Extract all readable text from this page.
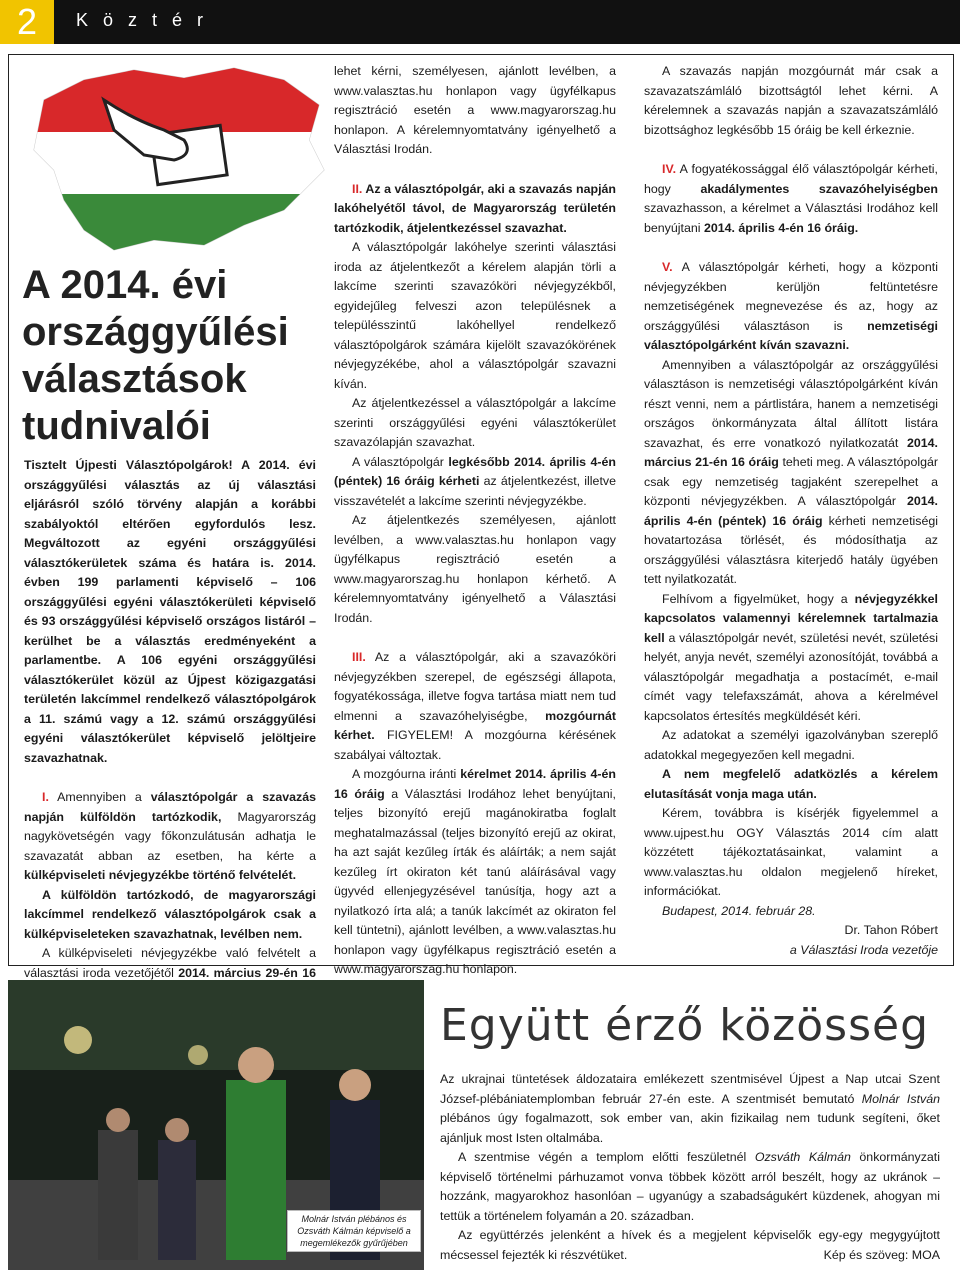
2	K ö z t é r
A 2014. évi
országgyűlési
választások
tudnivalói

Tisztelt Újpesti Választópolgárok! A 2014. évi országgyűlési választás az új választási eljárásról szóló törvény alapján a korábbi szabályoktól eltérően egyfordulós lesz. Megváltozott az egyéni országgyűlési választókerületek száma és határa is. 2014. évben 199 parlamenti képviselő – 106 országgyűlési egyéni választókerületi képviselő és 93 országgyűlési képviselő országos listáról – kerülhet be a választás eredményeként a parlamentbe. A 106 egyéni országgyűlési választókerület közül az Újpest közigazgatási területén lakcímmel rendelkező választópolgárok a 11. számú vagy a 12. számú országgyűlési egyéni választókerület képviselő jelöltjeire szavazhatnak.

I. Amennyiben a választópolgár a szavazás napján külföldön tartózkodik, Magyarország nagykövetségén vagy főkonzulátusán adhatja le szavazatát abban az esetben, ha kérte a külképviseleti névjegyzékbe történő felvételét.

A külföldön tartózkodó, de magyarországi lakcímmel rendelkező választópolgárok csak a külképviseleteken szavazhatnak, levélben nem.

A külképviseleti névjegyzékbe való felvételt a választási iroda vezetőjétől 2014. március 29-én 16

lehet kérni, személyesen, ajánlott levélben, a www.valasztas.hu honlapon vagy ügyfélkapus regisztráció esetén a www.magyarorszag.hu honlapon. A kérelemnyomtatvány igényelhető a Választási Irodán.

II. Az a választópolgár, aki a szavazás napján lakóhelyétől távol, de Magyarország területén tartózkodik, átjelentkezéssel szavazhat.

A választópolgár lakóhelye szerinti választási iroda az átjelentkezőt a kérelem alapján törli a lakcíme szerinti szavazóköri névjegyzékből, egyidejűleg felveszi azon településnek a településszintű lakóhellyel rendelkező választópolgárok számára kijelölt szavazókörének névjegyzékébe, ahol a választópolgár szavazni kíván.

Az átjelentkezéssel a választópolgár a lakcíme szerinti országgyűlési egyéni választókerület szavazólapján szavazhat.

A választópolgár legkésőbb 2014. április 4-én (péntek) 16 óráig kérheti az átjelentkezést, illetve visszavételét a lakcíme szerinti névjegyzékbe.

Az átjelentkezés személyesen, ajánlott levélben, a www.valasztas.hu honlapon vagy ügyfélkapus regisztráció esetén a www.magyarorszag.hu honlapon kérhető. A kérelemnyomtatvány igényelhető a Választási Irodán.

III. Az a választópolgár, aki a szavazóköri névjegyzékben szerepel, de egészségi állapota, fogyatékossága, illetve fogva tartása miatt nem tud elmenni a szavazóhelyiségbe, mozgóurnát kérhet. FIGYELEM! A mozgóurna kérésének szabályai változtak.

A mozgóurna iránti kérelmet 2014. április 4-én 16 óráig a Választási Irodához lehet benyújtani, teljes bizonyító erejű magánokiratba foglalt meghatalmazással (teljes bizonyító erejű az okirat, ha azt saját kezűleg írták és aláírták; a nem saját kezűleg írt okiraton két tanú aláírásával vagy ügyvéd ellenjegyzésével tanúsítja, hogy azt a nyilatkozó írta alá; a tanúk lakcímét az okiraton fel kell tüntetni), ajánlott levélben, a www.valasztas.hu honlapon vagy ügyfélkapus regisztráció esetén a www.magyarorszag.hu honlapon.

A szavazás napján mozgóurnát már csak a szavazatszámláló bizottságtól lehet kérni. A kérelemnek a szavazás napján a szavazatszámláló bizottsághoz legkésőbb 15 óráig be kell érkeznie.

IV. A fogyatékossággal élő választópolgár kérheti, hogy akadálymentes szavazóhelyiségben szavazhasson, a kérelmet a Választási Irodához kell benyújtani 2014. április 4-én 16 óráig.

V. A választópolgár kérheti, hogy a központi névjegyzékben kerüljön feltüntetésre nemzetiségének megnevezése és az, hogy az országgyűlési választáson is nemzetiségi választópolgárként kíván szavazni.

Amennyiben a választópolgár az országgyűlési választáson is nemzetiségi választópolgárként kíván részt venni, nem a pártlistára, hanem a nemzetiségi országos önkormányzata által állított listára szavazhat, és erre vonatkozó nyilatkozatát 2014. március 21-én 16 óráig teheti meg. A választópolgár csak egy nemzetiség tagjaként szerepelhet a központi névjegyzékben. A választópolgár 2014. április 4-én (péntek) 16 óráig kérheti nemzetiségi hovatartozása törlését, és módosíthatja az országgyűlési választásra kiterjedő hatály ügyében tett nyilatkozatát.

Felhívom a figyelmüket, hogy a névjegyzékkel kapcsolatos valamennyi kérelemnek tartalmazia kell a választópolgár nevét, születési nevét, születési helyét, anyja nevét, személyi azonosítóját, továbbá a választópolgár megadhatja a postacímét, e-mail címét vagy telefaxszámát, ahova a kérelmével kapcsolatos értesítés megküldését kéri.

Az adatokat a személyi igazolványban szereplő adatokkal megegyezően kell megadni.

A nem megfelelő adatközlés a kérelem elutasítását vonja maga után.

Kérem, továbbra is kísérjék figyelemmel a www.ujpest.hu OGY Választás 2014 cím alatt közzétett tájékoztatásainkat, valamint a www.valasztas.hu oldalon megjelenő híreket, információkat.

Budapest, 2014. február 28.

Dr. Tahon Róbert

a Választási Iroda vezetője

Molnár István plébános és Ozsváth Kálmán képviselő a megemlékezők gyűrűjében
Együtt érző közösség

Az ukrajnai tüntetések áldozataira emlékezett szentmisével Újpest a Nap utcai Szent József-plébániatemplomban február 27-én este. A szentmisét bemutató Molnár István plébános úgy fogalmazott, sok ember van, akin fizikailag nem tudunk segíteni, őket ajánljuk most Isten oltalmába.

A szentmise végén a templom előtti feszületnél Ozsváth Kálmán önkormányzati képviselő történelmi párhuzamot vonva többek között arról beszélt, hogy az ukránok – hozzánk, magyarokhoz hasonlóan – ugyanúgy a szabadságukért küzdenek, ahogyan mi tettük a történelem folyamán a 20. században.

Az együttérzés jelenként a hívek és a megjelent képviselők egy-egy megygyújtott mécsessel fejezték ki részvétüket.	Kép és szöveg: MOA
